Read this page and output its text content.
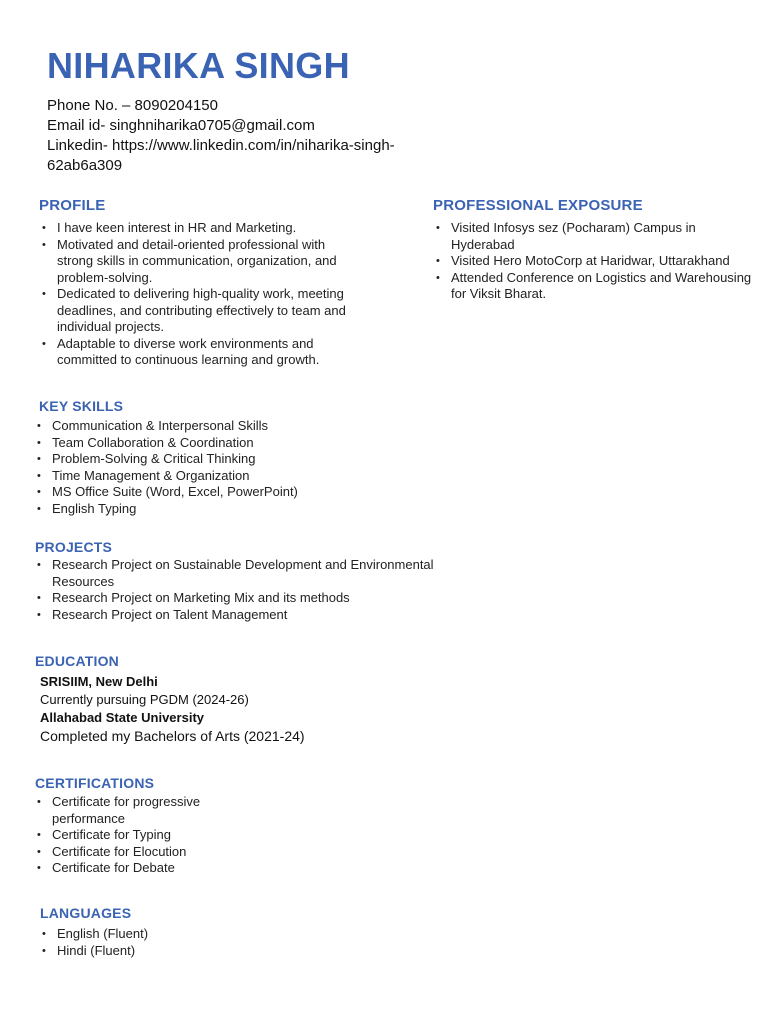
NIHARIKA SINGH
Phone No. – 8090204150
Email id- singhniharika0705@gmail.com
Linkedin- https://www.linkedin.com/in/niharika-singh-
62ab6a309
PROFILE
• I have keen interest in HR and Marketing.
• Motivated and detail-oriented professional with strong skills in communication, organization, and problem-solving.
• Dedicated to delivering high-quality work, meeting deadlines, and contributing effectively to team and individual projects.
• Adaptable to diverse work environments and committed to continuous learning and growth.
PROFESSIONAL EXPOSURE
• Visited Infosys sez (Pocharam) Campus in Hyderabad
• Visited Hero MotoCorp at Haridwar, Uttarakhand
• Attended Conference on Logistics and Warehousing for Viksit Bharat.
KEY SKILLS
• Communication & Interpersonal Skills
• Team Collaboration & Coordination
• Problem-Solving & Critical Thinking
• Time Management & Organization
• MS Office Suite (Word, Excel, PowerPoint)
• English Typing
PROJECTS
• Research Project on Sustainable Development and Environmental Resources
• Research Project on Marketing Mix and its methods
• Research Project on Talent Management
EDUCATION
SRISIIM, New Delhi
Currently pursuing PGDM (2024-26)
Allahabad State University
Completed my Bachelors of Arts (2021-24)
CERTIFICATIONS
• Certificate for progressive performance
• Certificate for Typing
• Certificate for Elocution
• Certificate for Debate
LANGUAGES
• English (Fluent)
• Hindi (Fluent)
